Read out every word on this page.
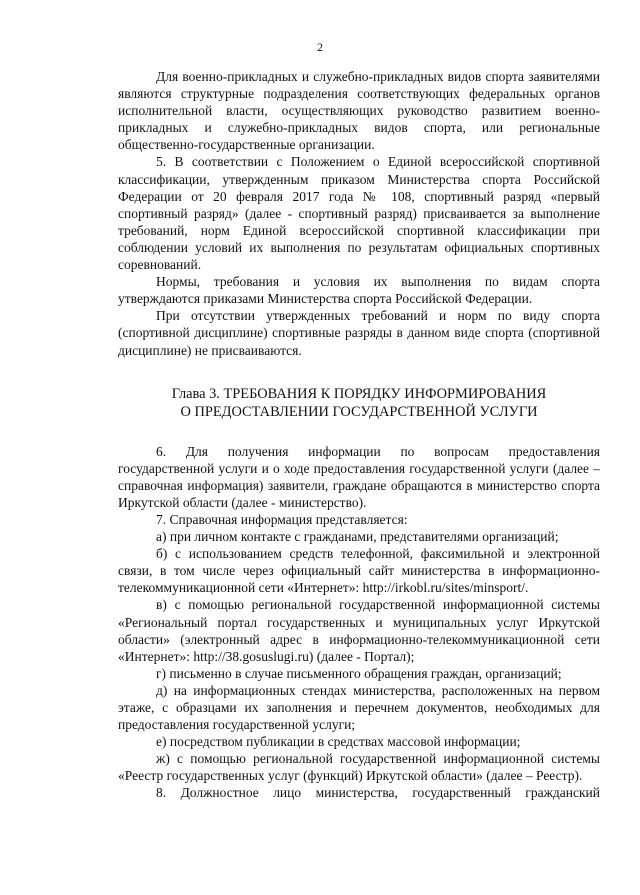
2

Для военно-прикладных и служебно-прикладных видов спорта заявителями являются структурные подразделения соответствующих федеральных органов исполнительной власти, осуществляющих руководство развитием военно-прикладных и служебно-прикладных видов спорта, или региональные общественно-государственные организации.

5. В соответствии с Положением о Единой всероссийской спортивной классификации, утвержденным приказом Министерства спорта Российской Федерации от 20 февраля 2017 года № 108, спортивный разряд «первый спортивный разряд» (далее - спортивный разряд) присваивается за выполнение требований, норм Единой всероссийской спортивной классификации при соблюдении условий их выполнения по результатам официальных спортивных соревнований.

Нормы, требования и условия их выполнения по видам спорта утверждаются приказами Министерства спорта Российской Федерации.

При отсутствии утвержденных требований и норм по виду спорта (спортивной дисциплине) спортивные разряды в данном виде спорта (спортивной дисциплине) не присваиваются.

Глава 3. ТРЕБОВАНИЯ К ПОРЯДКУ ИНФОРМИРОВАНИЯ
О ПРЕДОСТАВЛЕНИИ ГОСУДАРСТВЕННОЙ УСЛУГИ

6. Для получения информации по вопросам предоставления государственной услуги и о ходе предоставления государственной услуги (далее – справочная информация) заявители, граждане обращаются в министерство спорта Иркутской области (далее - министерство).

7. Справочная информация представляется:

а) при личном контакте с гражданами, представителями организаций;

б) с использованием средств телефонной, факсимильной и электронной связи, в том числе через официальный сайт министерства в информационно-телекоммуникационной сети «Интернет»: http://irkobl.ru/sites/minsport/.

в) с помощью региональной государственной информационной системы «Региональный портал государственных и муниципальных услуг Иркутской области» (электронный адрес в информационно-телекоммуникационной сети «Интернет»: http://38.gosuslugi.ru) (далее - Портал);

г) письменно в случае письменного обращения граждан, организаций;

д) на информационных стендах министерства, расположенных на первом этаже, с образцами их заполнения и перечнем документов, необходимых для предоставления государственной услуги;

е) посредством публикации в средствах массовой информации;

ж) с помощью региональной государственной информационной системы «Реестр государственных услуг (функций) Иркутской области» (далее – Реестр).

8. Должностное лицо министерства, государственный гражданский
